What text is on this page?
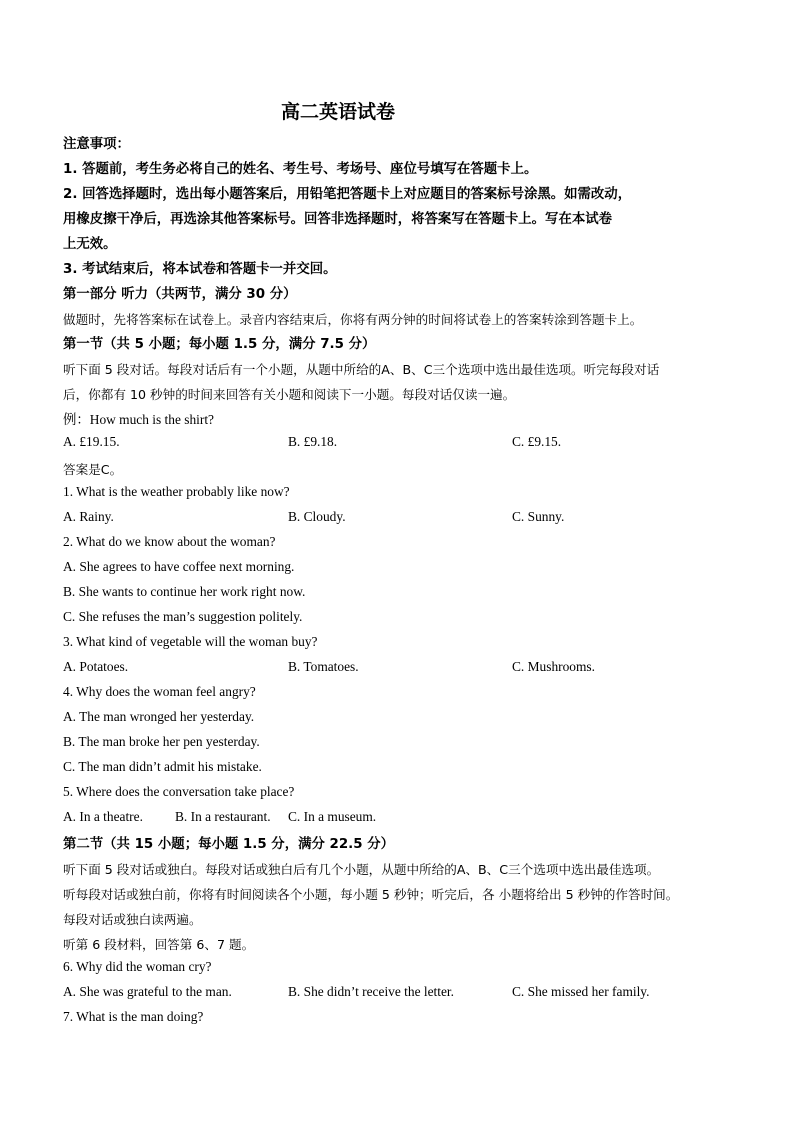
高二英语试卷
注意事项：
1. 答题前，考生务必将自己的姓名、考生号、考场号、座位号填写在答题卡上。
2. 回答选择题时，选出每小题答案后，用铅笔把答题卡上对应题目的答案标号涂黑。如需改动，
用橡皮擦干净后，再选涂其他答案标号。回答非选择题时，将答案写在答题卡上。写在本试卷
上无效。
3. 考试结束后，将本试卷和答题卡一并交回。
第一部分 听力（共两节，满分 30 分）
做题时，先将答案标在试卷上。录音内容结束后，你将有两分钟的时间将试卷上的答案转涂到答题卡上。
第一节（共 5 小题；每小题 1.5 分，满分 7.5 分）
听下面 5 段对话。每段对话后有一个小题，从题中所给的A、B、C三个选项中选出最佳选项。听完每段对话
后，你都有 10 秒钟的时间来回答有关小题和阅读下一小题。每段对话仅读一遍。
例：How much is the shirt?
A. £19.15.	B. £9.18.	C. £9.15.
答案是C。
1. What is the weather probably like now?
A. Rainy.	B. Cloudy.	C. Sunny.
2. What do we know about the woman?
A. She agrees to have coffee next morning.
B. She wants to continue her work right now.
C. She refuses the man’s suggestion politely.
3. What kind of vegetable will the woman buy?
A. Potatoes.	B. Tomatoes.	C. Mushrooms.
4. Why does the woman feel angry?
A. The man wronged her yesterday.
B. The man broke her pen yesterday.
C. The man didn’t admit his mistake.
5. Where does the conversation take place?
A. In a theatre. B. In a restaurant. C. In a museum.
第二节（共 15 小题；每小题 1.5 分，满分 22.5 分）
听下面 5 段对话或独白。每段对话或独白后有几个小题，从题中所给的A、B、C三个选项中选出最佳选项。
听每段对话或独白前，你将有时间阅读各个小题，每小题 5 秒钟；听完后，各 小题将给出 5 秒钟的作答时间。
每段对话或独白读两遍。
听第 6 段材料，回答第 6、7 题。
6. Why did the woman cry?
A. She was grateful to the man.	B. She didn’t receive the letter.	C. She missed her family.
7. What is the man doing?
